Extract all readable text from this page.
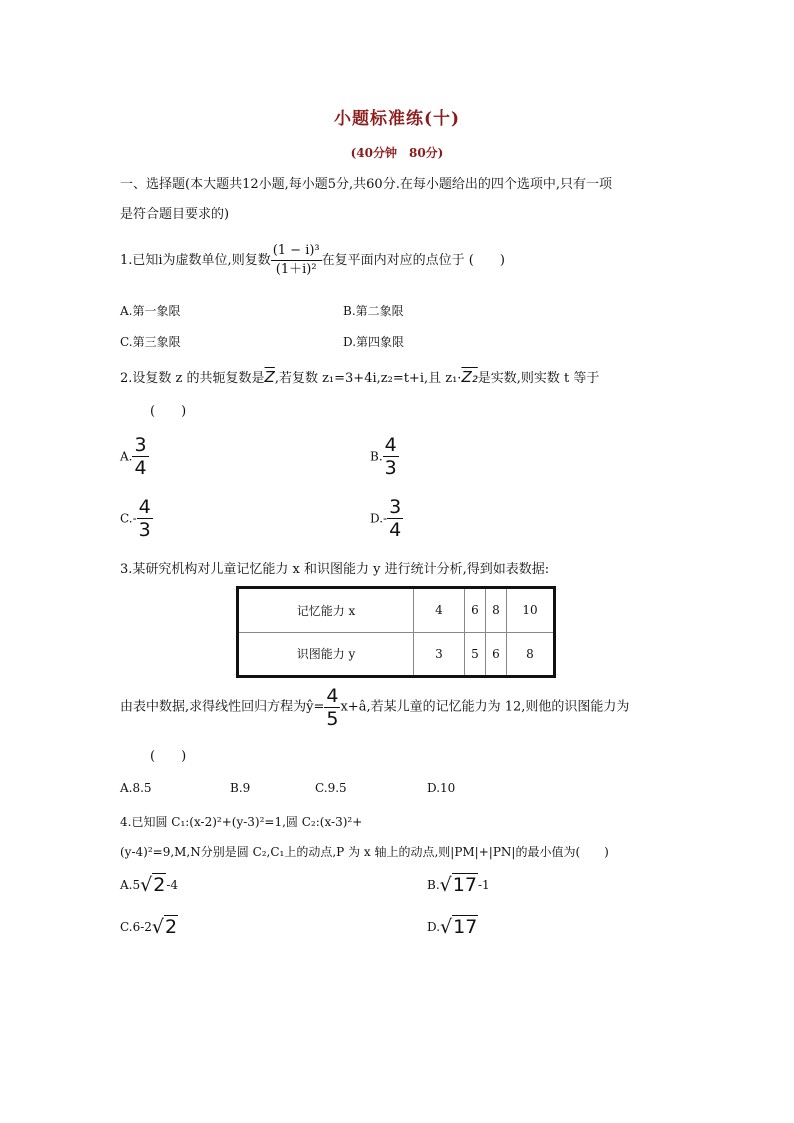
小题标准练(十)
(40分钟　80分)
一、选择题(本大题共12小题,每小题5分,共60分.在每小题给出的四个选项中,只有一项
是符合题目要求的)
1.已知i为虚数单位,则复数 $\frac{\text{(1 − i)³}}{\text{(1＋i)²}}$ 在复平面内对应的点位于 (　　)
A.第一象限	B.第二象限
C.第三象限	D.第四象限
2.设复数 z 的共轭复数是$\overline{Z}$,若复数 z₁=3+4i,z₂=t+i,且 z₁·Z₂是实数,则实数 t 等于
(　　)
A. $\frac{3}{4}$	B. $\frac{4}{3}$
$C.- \frac{4}{3}$	$D.- \frac{3}{4}$
3.某研究机构对儿童记忆能力 x 和识图能力 y 进行统计分析,得到如表数据:
记忆能力 x	4	6	8	10
识图能力 y	3	5	6	8
由表中数据,求得线性回归方程为ŷ= $\frac{4}{5}$ x+â,若某儿童的记忆能力为 12,则他的识图能力为
(　　)
A.8.5	B.9	C.9.5	D.10
4.已知圆 C₁:(x-2)²+(y-3)²=1,圆 C₂:(x-3)²+
(y-4)²=9,M,N分别是圆 C₂,C₁上的动点,P 为 x 轴上的动点,则|PM|+|PN|的最小值为(　　)
A.5√2-4	B.√17-1
C.6-2√2	D.√17
